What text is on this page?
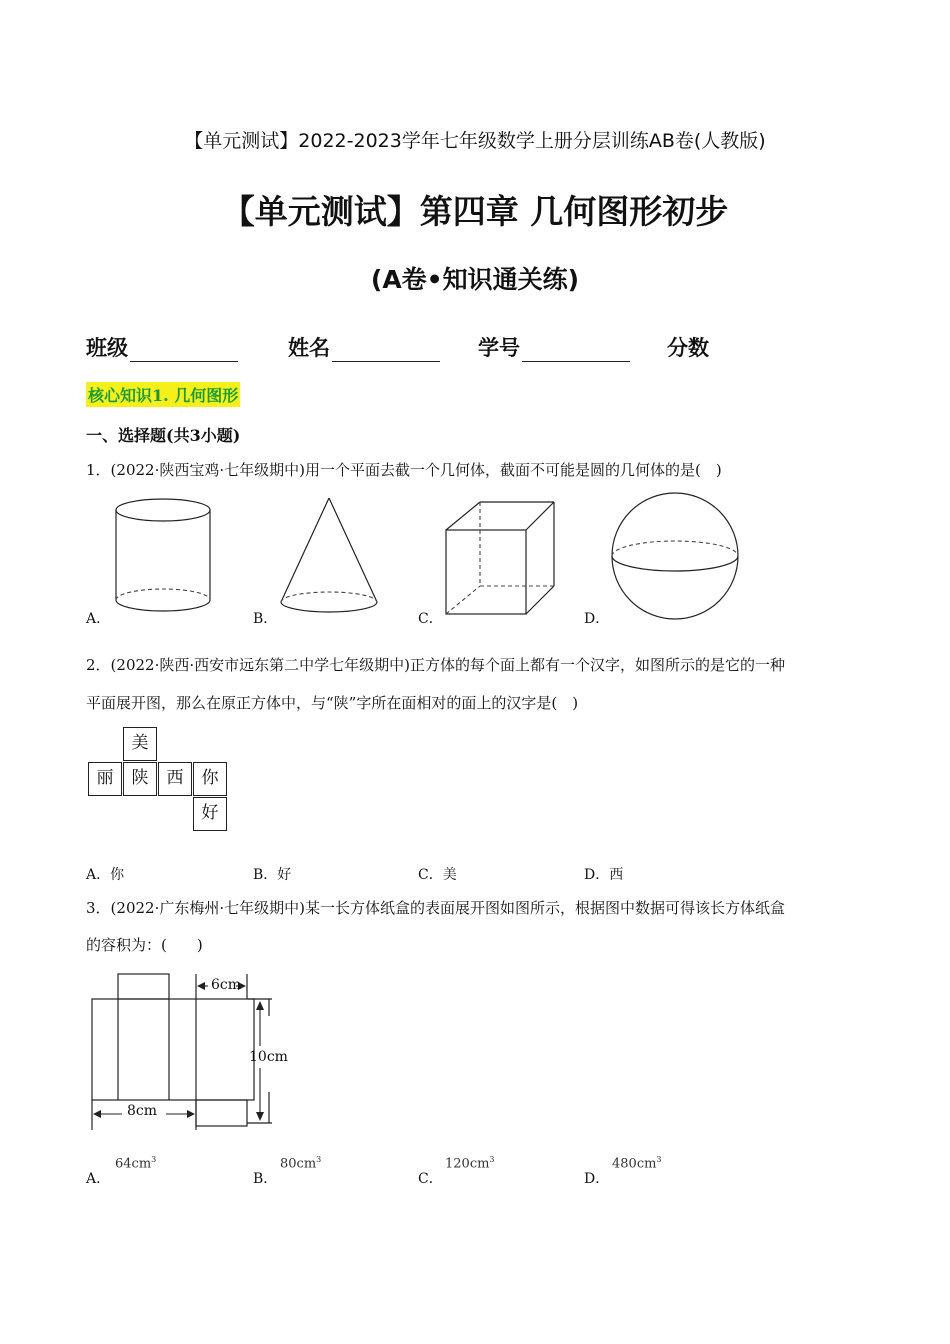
【单元测试】2022-2023学年七年级数学上册分层训练AB卷(人教版)
【单元测试】第四章 几何图形初步
(A卷•知识通关练)
班级	姓名	学号	分数
核心知识1. 几何图形
一、选择题(共3小题)
1．(2022·陕西宝鸡·七年级期中)用一个平面去截一个几何体，截面不可能是圆的几何体的是(　)
A．	B．	C．	D．
2．(2022·陕西·西安市远东第二中学七年级期中)正方体的每个面上都有一个汉字，如图所示的是它的一种
平面展开图，那么在原正方体中，与“陕”字所在面相对的面上的汉字是(　)
美
丽	陕	西	你
好
A．你	B．好	C．美	D．西
3．(2022·广东梅州·七年级期中)某一长方体纸盒的表面展开图如图所示，根据图中数据可得该长方体纸盒
的容积为：(　　)
6cm
10cm
8cm
A．
$64cm^3$
B．
$80cm^3$
C．
$120cm^3$
D．
$480cm^3$
